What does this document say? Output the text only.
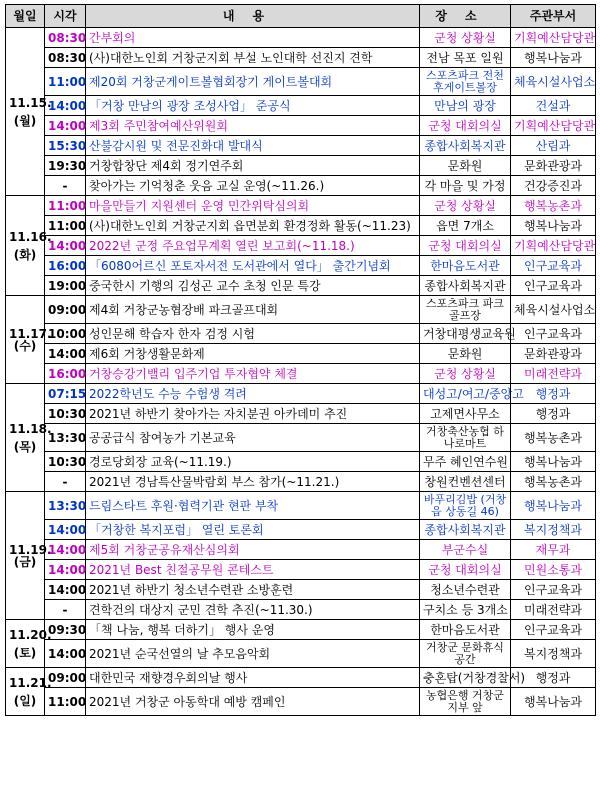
월일	시각	내용	장소	주관부서
11.15.
(월)	08:30	간부회의	군청 상황실	기획예산담당관
	08:30	(사)대한노인회 거창군지회 부설 노인대학 선진지 견학	전남 목포 일원	행복나눔과
	11:00	제20회 거창군게이트볼협회장기 게이트볼대회	스포츠파크 전천후게이트볼장	체육시설사업소
	14:00	「거창 만남의 광장 조성사업」 준공식	만남의 광장	건설과
	14:00	제3회 주민참여예산위원회	군청 대회의실	기획예산담당관
	15:30	산불감시원 및 전문진화대 발대식	종합사회복지관	산림과
	19:30	거창합창단 제4회 정기연주회	문화원	문화관광과
	-	찾아가는 기억청춘 웃음 교실 운영(~11.26.)	각 마을 및 가정	건강증진과
11.16.
(화)	11:00	마을만들기 지원센터 운영 민간위탁심의회	군청 상황실	행복농촌과
	11:00	(사)대한노인회 거창군지회 읍면분회 환경정화 활동(~11.23)	읍면 7개소	행복나눔과
	14:00	2022년 군정 주요업무계획 열린 보고회(~11.18.)	군청 대회의실	기획예산담당관
	16:00	「6080어르신 포토자서전 도서관에서 열다」 출간기념회	한마음도서관	인구교육과
	19:00	중국한시 기행의 김성곤 교수 초청 인문 특강	종합사회복지관	인구교육과
11.17.
(수)	09:00	제4회 거창군농협장배 파크골프대회	스포츠파크 파크골프장	체육시설사업소
	10:00	성인문해 학습자 한자 검정 시험	거창대평생교육원	인구교육과
	14:00	제6회 거창생활문화제	문화원	문화관광과
	16:00	거창승강기밸리 입주기업 투자협약 체결	군청 상황실	미래전략과
11.18.
(목)	07:15	2022학년도 수능 수험생 격려	대성고/여고/중앙고	행정과
	10:30	2021년 하반기 찾아가는 자치분권 아카데미 추진	고제면사무소	행정과
	13:30	공공급식 참여농가 기본교육	거창축산농협 하나로마트	행복농촌과
	10:30	경로당회장 교육(~11.19.)	무주 혜인연수원	행복나눔과
	-	2021년 경남특산물박람회 부스 참가(~11.21.)	창원컨벤션센터	행복농촌과
11.19.
(금)	13:30	드림스타트 후원·협력기관 현판 부착	바푸리김밥 (거창읍 상동길 46)	행복나눔과
	14:00	「거창한 복지포럼」 열린 토론회	종합사회복지관	복지정책과
	14:00	제5회 거창군공유재산심의회	부군수실	재무과
	14:00	2021년 Best 친절공무원 콘테스트	군청 대회의실	민원소통과
	14:00	2021년 하반기 청소년수련관 소방훈련	청소년수련관	인구교육과
	-	견학건의 대상지 군민 견학 추진(~11.30.)	구치소 등 3개소	미래전략과
11.20.
(토)	09:30	「책 나눔, 행복 더하기」 행사 운영	한마음도서관	인구교육과
	14:00	2021년 순국선열의 날 추모음악회	거창군 문화휴식공간	복지정책과
11.21.
(일)	09:00	대한민국 재향경우회의날 행사	충혼탑(거창경찰서)	행정과
	11:00	2021년 거창군 아동학대 예방 캠페인	농협은행 거창군지부 앞	행복나눔과
